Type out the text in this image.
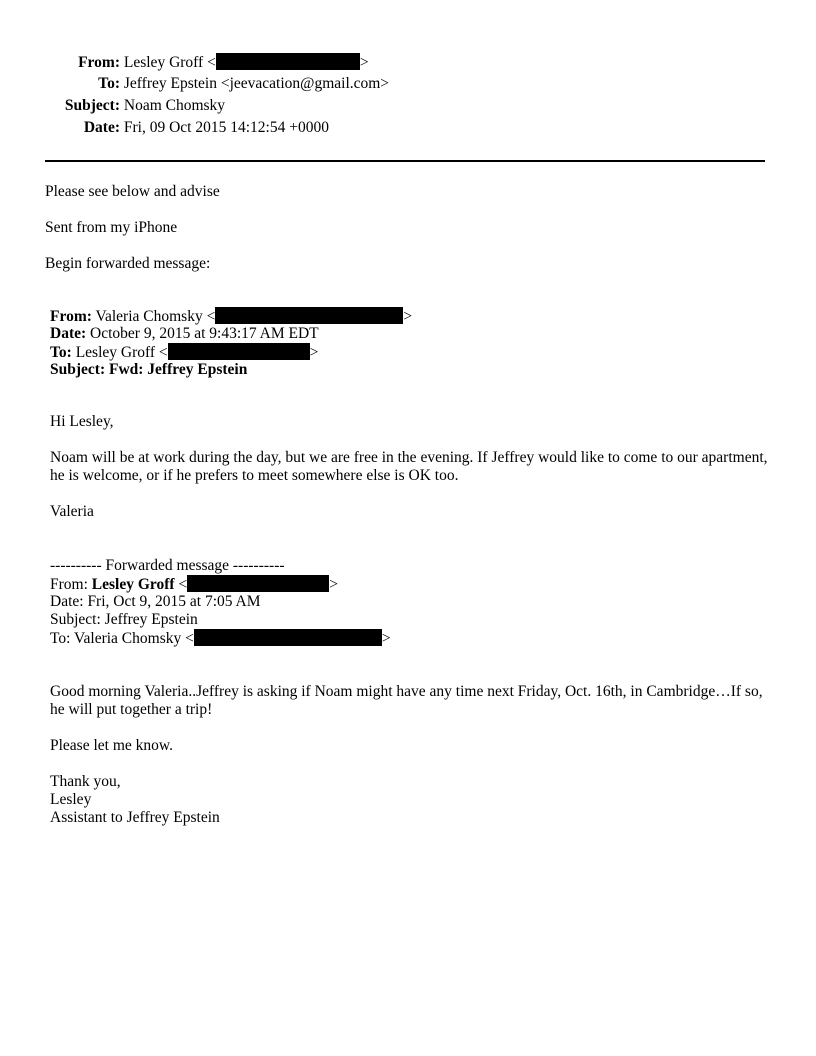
From: Lesley Groff <	>
To: Jeffrey Epstein <jeevacation@gmail.com>
Subject: Noam Chomsky
Date: Fri, 09 Oct 2015 14:12:54 +0000
Please see below and advise
Sent from my iPhone
Begin forwarded message:
From: Valeria Chomsky <	>
Date: October 9, 2015 at 9:43:17 AM EDT
To: Lesley Groff <	>
Subject: Fwd: Jeffrey Epstein
Hi Lesley,
Noam will be at work during the day, but we are free in the evening. If Jeffrey would like to come to our apartment, he is welcome, or if he prefers to meet somewhere else is OK too.
Valeria
---------- Forwarded message ----------
From: Lesley Groff <	>
Date: Fri, Oct 9, 2015 at 7:05 AM
Subject: Jeffrey Epstein
To: Valeria Chomsky <	>
Good morning Valeria..Jeffrey is asking if Noam might have any time next Friday, Oct. 16th, in Cambridge…If so, he will put together a trip!
Please let me know.
Thank you,
Lesley
Assistant to Jeffrey Epstein
